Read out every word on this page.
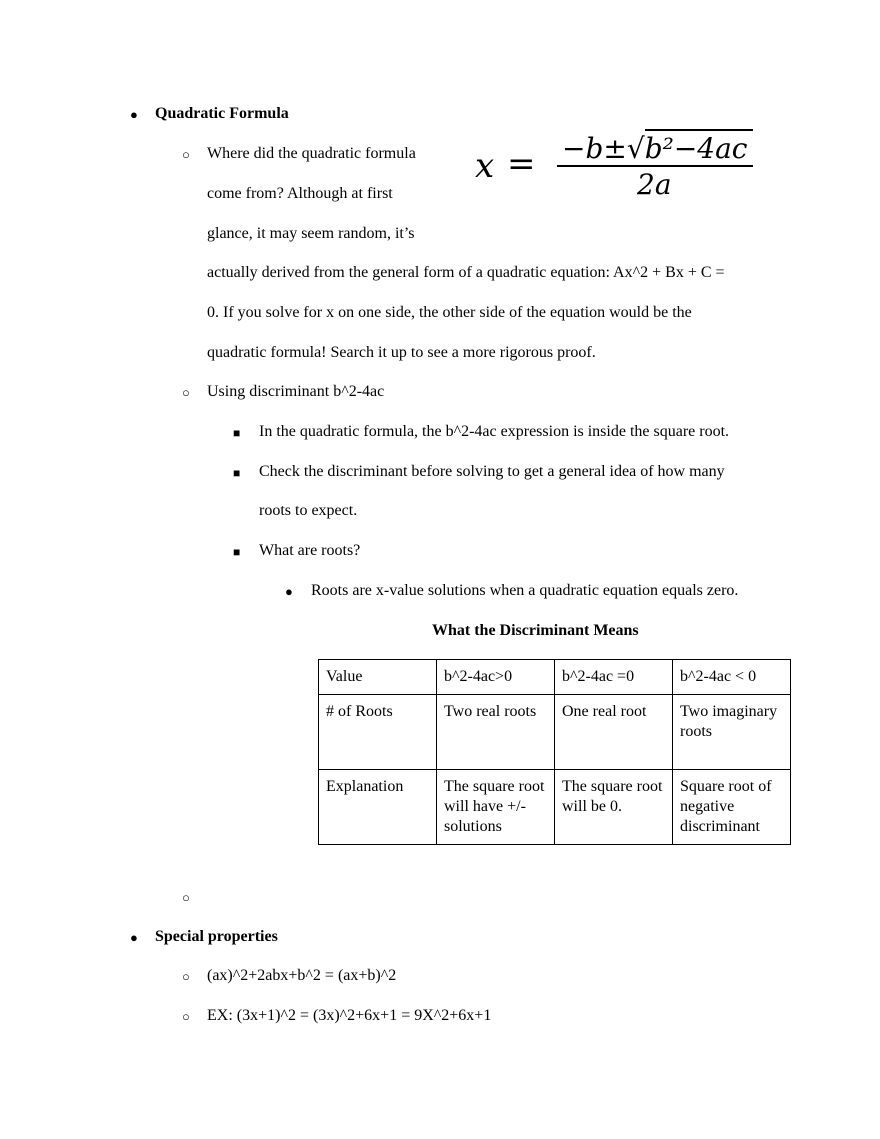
● Quadratic Formula
○ Where did the quadratic formula
come from? Although at first
glance, it may seem random, it’s
actually derived from the general form of a quadratic equation: Ax^2 + Bx + C =
0. If you solve for x on one side, the other side of the equation would be the
quadratic formula! Search it up to see a more rigorous proof.
x = −b±√b²−4ac
2a
○ Using discriminant b^2-4ac
■ In the quadratic formula, the b^2-4ac expression is inside the square root.
■ Check the discriminant before solving to get a general idea of how many
roots to expect.
■ What are roots?
● Roots are x-value solutions when a quadratic equation equals zero.
What the Discriminant Means
Value	b^2-4ac>0	b^2-4ac =0	b^2-4ac < 0
# of Roots	Two real roots	One real root	Two imaginary roots
Explanation	The square root will have +/- solutions	The square root will be 0.	Square root of negative discriminant
○
● Special properties
○ (ax)^2+2abx+b^2 = (ax+b)^2
○ EX: (3x+1)^2 = (3x)^2+6x+1 = 9X^2+6x+1
